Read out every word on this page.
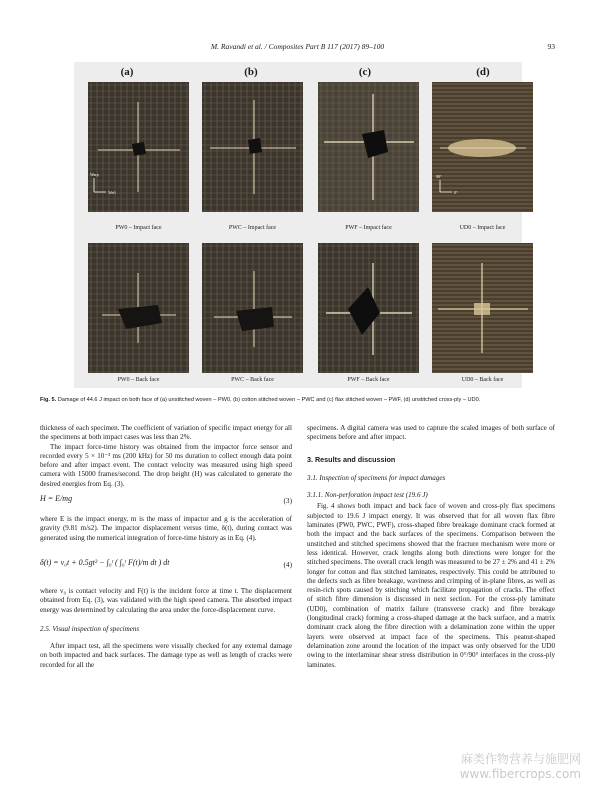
M. Ravandi et al. / Composites Part B 117 (2017) 89–100	93
(a)	(b)	(c)	(d)
Warp
Weft
90°
0°
PW0 – Impact face	PWC – Impact face	PWF – Impact face	UD0 – Impact face
PW0 – Back face	PWC – Back face	PWF – Back face	UD0 – Back face
Fig. 5. Damage of 44.6 J impact on both face of (a) unstitched woven – PW0, (b) cotton stitched woven – PWC and (c) flax stitched woven – PWF, (d) unstitched cross-ply – UD0.

thickness of each specimen. The coefficient of variation of specific impact energy for all the specimens at both impact cases was less than 2%.

The impact force-time history was obtained from the impactor force sensor and recorded every 5 × 10⁻³ ms (200 kHz) for 50 ms duration to collect enough data point before and after impact event. The contact velocity was measured using high speed camera with 15000 frames/second. The drop height (H) was calculated to generate the desired energies from Eq. (3).

H = E/mg	(3)

where E is the impact energy, m is the mass of impactor and g is the acceleration of gravity (9.81 m/s2). The impactor displacement versus time, δ(t), during contact was generated using the numerical integration of force-time history as in Eq. (4).

δ(t) = v₀t + 0.5gt² − ∫₀ᵗ ( ∫₀ᵗ F(t)/m dt ) dt	(4)

where v₀ is contact velocity and F(t) is the incident force at time t. The displacement obtained from Eq. (3), was validated with the high speed camera. The absorbed impact energy was determined by calculating the area under the force-displacement curve.

2.5. Visual inspection of specimens

After impact test, all the specimens were visually checked for any external damage on both impacted and back surfaces. The damage type as well as length of cracks were recorded for all the

specimens. A digital camera was used to capture the scaled images of both surface of specimens before and after impact.

3. Results and discussion
3.1. Inspection of specimens for impact damages
3.1.1. Non-perforation impact test (19.6 J)

Fig. 4 shows both impact and back face of woven and cross-ply flax specimens subjected to 19.6 J impact energy. It was observed that for all woven flax fibre laminates (PW0, PWC, PWF), cross-shaped fibre breakage dominant crack formed at both the impact and the back surfaces of the specimens. Comparison between the unstitched and stitched specimens showed that the fracture mechanism were more or less identical. However, crack lengths along both directions were longer for the stitched specimens. The overall crack length was measured to be 27 ± 2% and 41 ± 2% longer for cotton and flax stitched laminates, respectively. This could be attributed to the defects such as fibre breakage, waviness and crimping of in-plane fibres, as well as resin-rich spots caused by stitching which facilitate propagation of cracks. The effect of stitch fibre dimension is discussed in next section. For the cross-ply laminate (UD0), combination of matrix failure (transverse crack) and fibre breakage (longitudinal crack) forming a cross-shaped damage at the back surface, and a matrix dominant crack along the fibre direction with a delamination zone within the upper layers were observed at impact face of the specimens. This peanut-shaped delamination zone around the location of the impact was only observed for the UD0 owing to the interlaminar shear stress distribution in 0°/90° interfaces in the cross-ply laminates.

麻类作物营养与施肥网
www.fibercrops.com
